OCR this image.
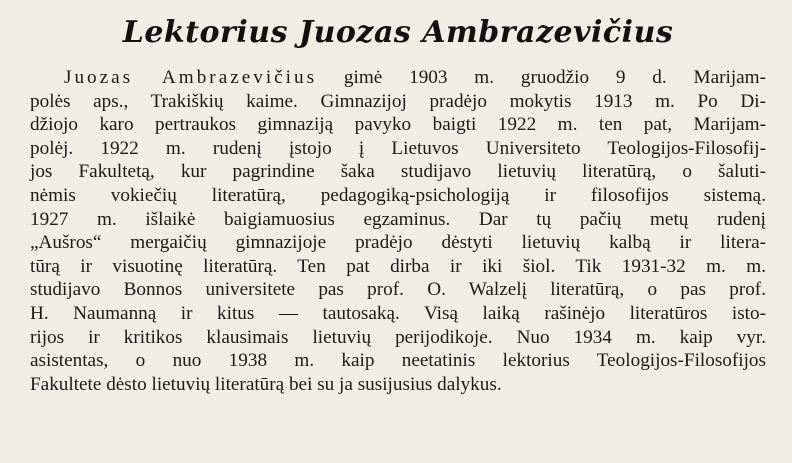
Lektorius Juozas Ambrazevičius

Juozas Ambrazevičius gimė 1903 m. gruodžio 9 d. Marijam-
polės aps., Trakiškių kaime. Gimnazijoj pradėjo mokytis 1913 m. Po Di-
džiojo karo pertraukos gimnaziją pavyko baigti 1922 m. ten pat, Marijam-
polėj. 1922 m. rudenį įstojo į Lietuvos Universiteto Teologijos-Filosofij-
jos Fakultetą, kur pagrindine šaka studijavo lietuvių literatūrą, o šaluti-
nėmis vokiečių literatūrą, pedagogiką-psichologiją ir filosofijos sistemą.
1927 m. išlaikė baigiamuosius egzaminus. Dar tų pačių metų rudenį
„Aušros“ mergaičių gimnazijoje pradėjo dėstyti lietuvių kalbą ir litera-
tūrą ir visuotinę literatūrą. Ten pat dirba ir iki šiol. Tik 1931-32 m. m.
studijavo Bonnos universitete pas prof. O. Walzelį literatūrą, o pas prof.
H. Naumanną ir kitus — tautosaką. Visą laiką rašinėjo literatūros isto-
rijos ir kritikos klausimais lietuvių perijodikoje. Nuo 1934 m. kaip vyr.
asistentas, o nuo 1938 m. kaip neetatinis lektorius Teologijos-Filosofijos
Fakultete dėsto lietuvių literatūrą bei su ja susijusius dalykus.
